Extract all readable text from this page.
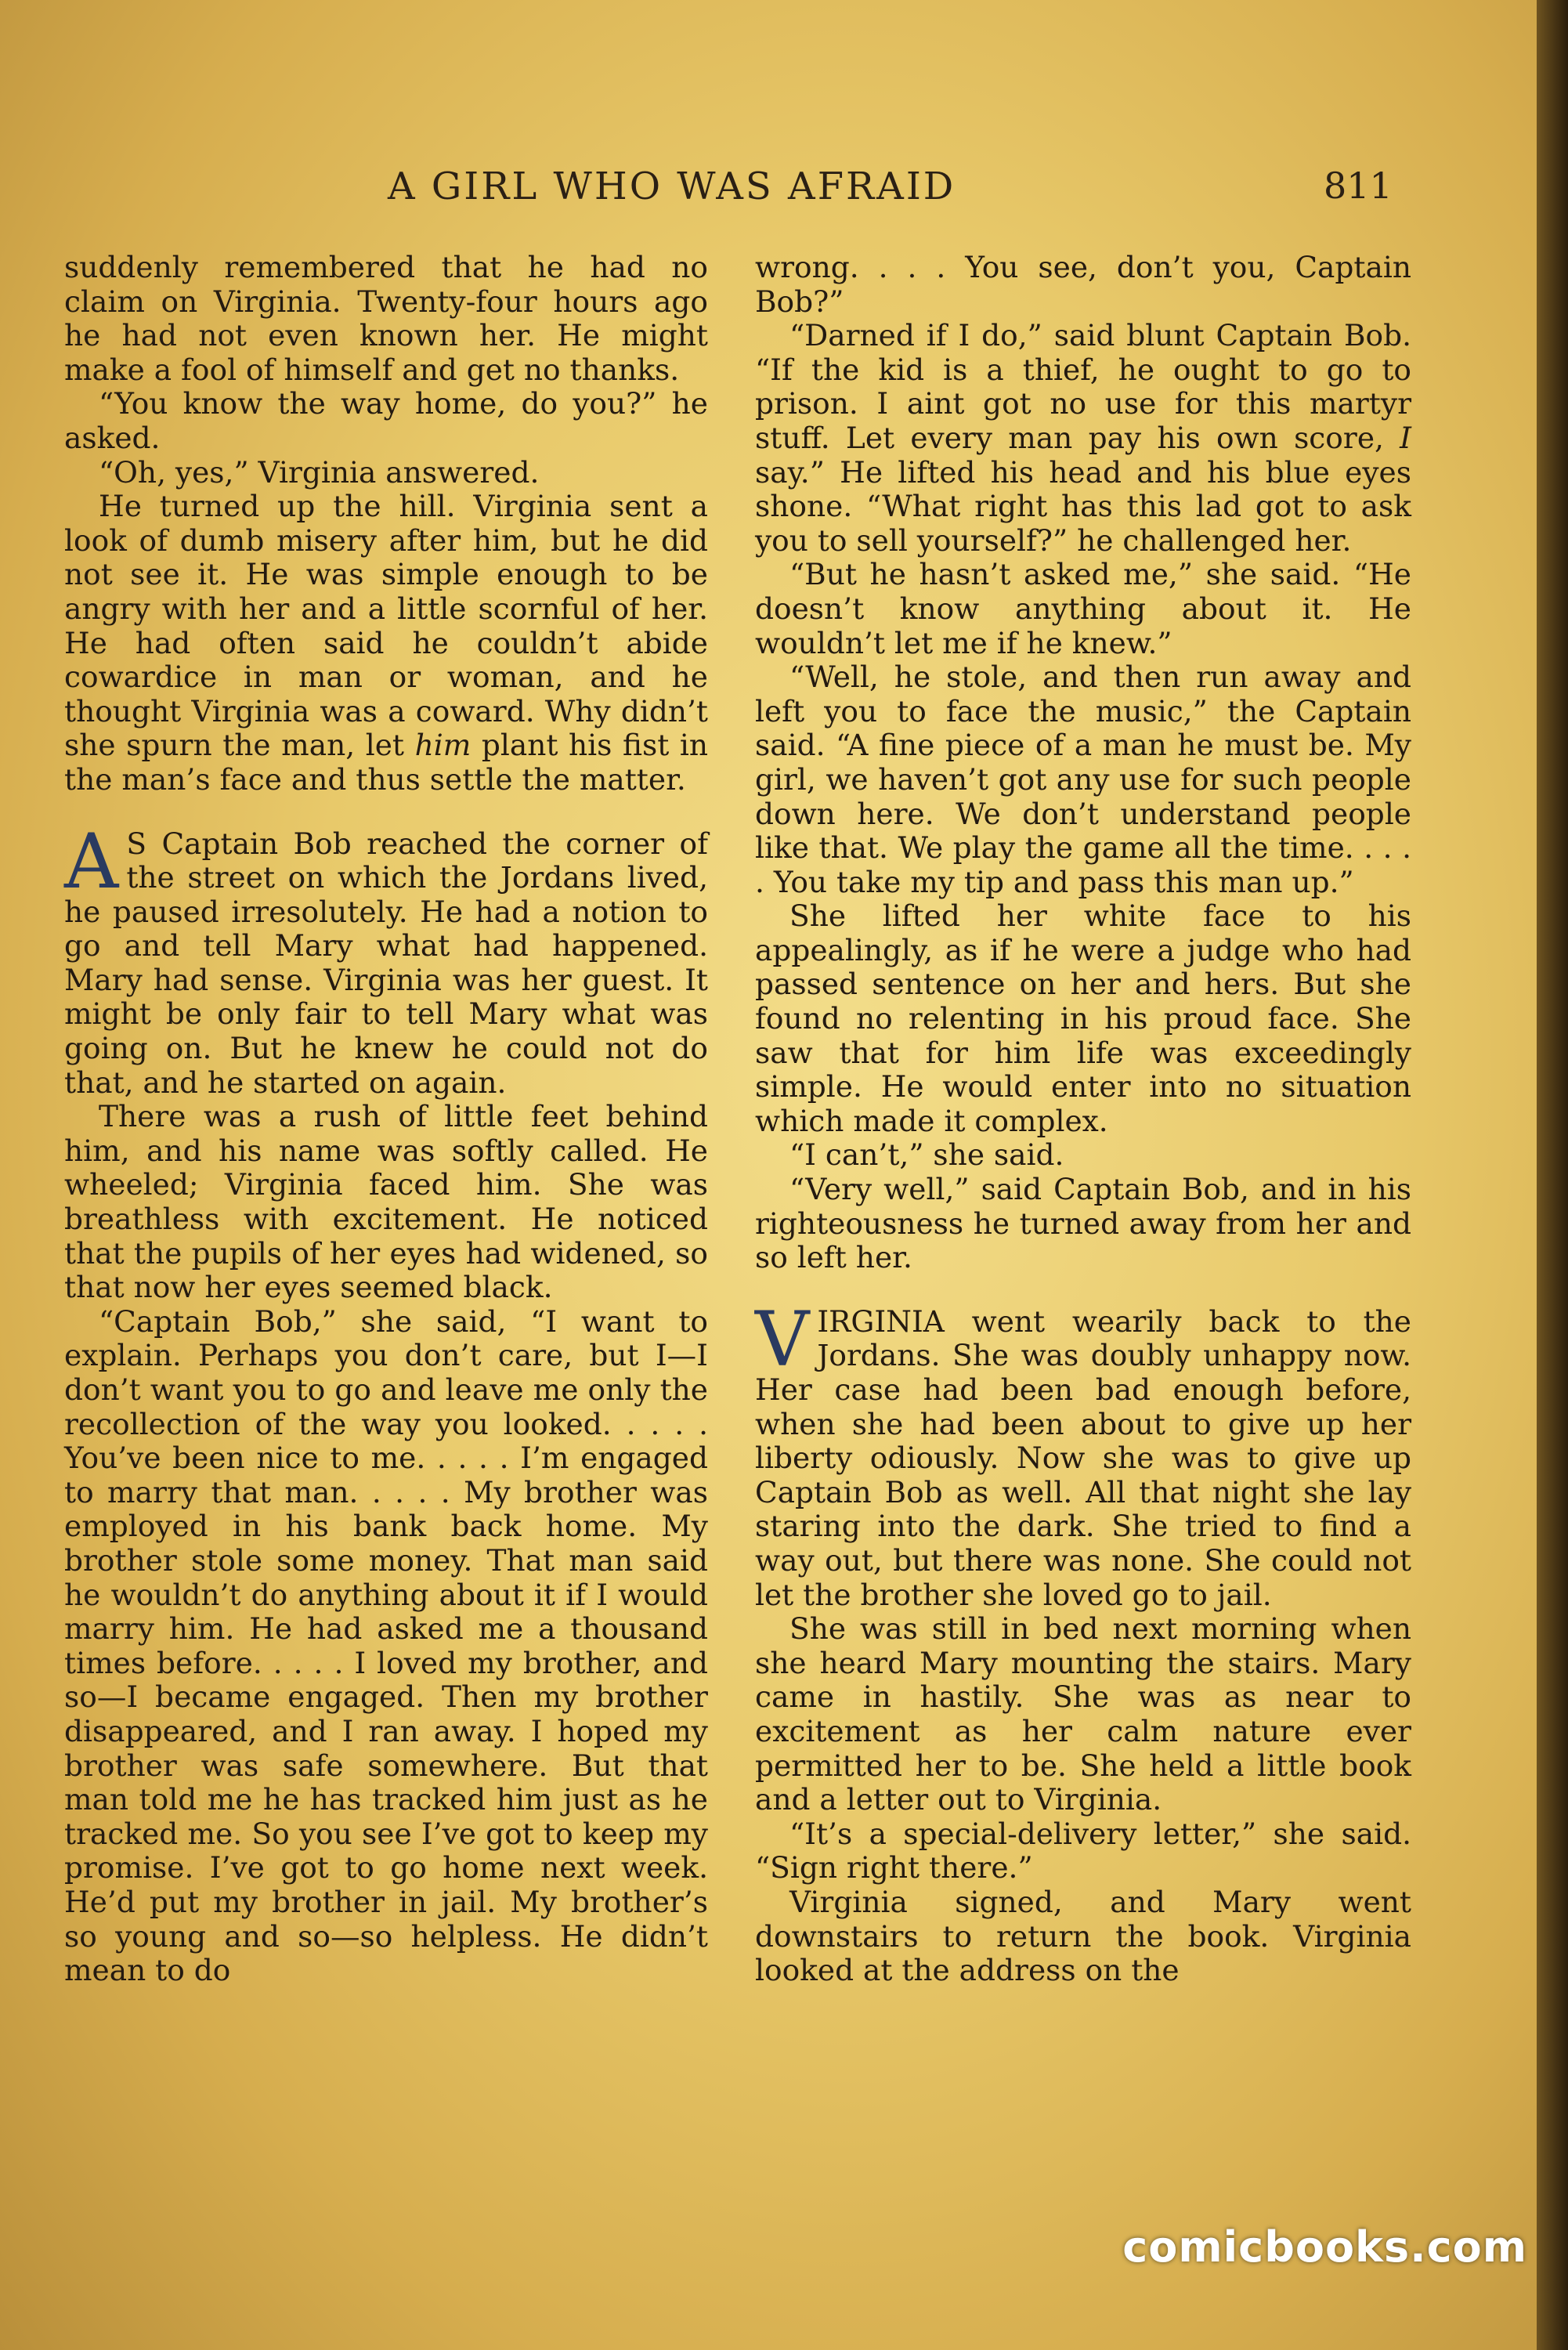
A GIRL WHO WAS AFRAID	811

suddenly remembered that he had no claim on Virginia. Twenty-four hours ago he had not even known her. He might make a fool of himself and get no thanks.

“You know the way home, do you?” he asked.

“Oh, yes,” Virginia answered.

He turned up the hill. Virginia sent a look of dumb misery after him, but he did not see it. He was simple enough to be angry with her and a little scornful of her. He had often said he couldn’t abide cowardice in man or woman, and he thought Virginia was a coward. Why didn’t she spurn the man, let him plant his fist in the man’s face and thus settle the matter.

A S Captain Bob reached the corner of the street on which the Jordans lived, he paused irresolutely. He had a notion to go and tell Mary what had happened. Mary had sense. Virginia was her guest. It might be only fair to tell Mary what was going on. But he knew he could not do that, and he started on again.

There was a rush of little feet behind him, and his name was softly called. He wheeled; Virginia faced him. She was breathless with excitement. He noticed that the pupils of her eyes had widened, so that now her eyes seemed black.

“Captain Bob,” she said, “I want to explain. Perhaps you don’t care, but I—I don’t want you to go and leave me only the recollection of the way you looked. . . . . You’ve been nice to me. . . . . I’m engaged to marry that man. . . . . My brother was employed in his bank back home. My brother stole some money. That man said he wouldn’t do anything about it if I would marry him. He had asked me a thousand times before. . . . . I loved my brother, and so—I became engaged. Then my brother disappeared, and I ran away. I hoped my brother was safe somewhere. But that man told me he has tracked him just as he tracked me. So you see I’ve got to keep my promise. I’ve got to go home next week. He’d put my brother in jail. My brother’s so young and so—so helpless. He didn’t mean to do

wrong. . . . You see, don’t you, Captain Bob?”

“Darned if I do,” said blunt Captain Bob. “If the kid is a thief, he ought to go to prison. I aint got no use for this martyr stuff. Let every man pay his own score, I say.” He lifted his head and his blue eyes shone. “What right has this lad got to ask you to sell yourself?” he challenged her.

“But he hasn’t asked me,” she said. “He doesn’t know anything about it. He wouldn’t let me if he knew.”

“Well, he stole, and then run away and left you to face the music,” the Captain said. “A fine piece of a man he must be. My girl, we haven’t got any use for such people down here. We don’t understand people like that. We play the game all the time. . . . . You take my tip and pass this man up.”

She lifted her white face to his appealingly, as if he were a judge who had passed sentence on her and hers. But she found no relenting in his proud face. She saw that for him life was exceedingly simple. He would enter into no situation which made it complex.

“I can’t,” she said.

“Very well,” said Captain Bob, and in his righteousness he turned away from her and so left her.

VIRGINIA went wearily back to the Jordans. She was doubly unhappy now. Her case had been bad enough before, when she had been about to give up her liberty odiously. Now she was to give up Captain Bob as well. All that night she lay staring into the dark. She tried to find a way out, but there was none. She could not let the brother she loved go to jail.

She was still in bed next morning when she heard Mary mounting the stairs. Mary came in hastily. She was as near to excitement as her calm nature ever permitted her to be. She held a little book and a letter out to Virginia.

“It’s a special-delivery letter,” she said. “Sign right there.”

Virginia signed, and Mary went downstairs to return the book. Virginia looked at the address on the

comicbooks.com
